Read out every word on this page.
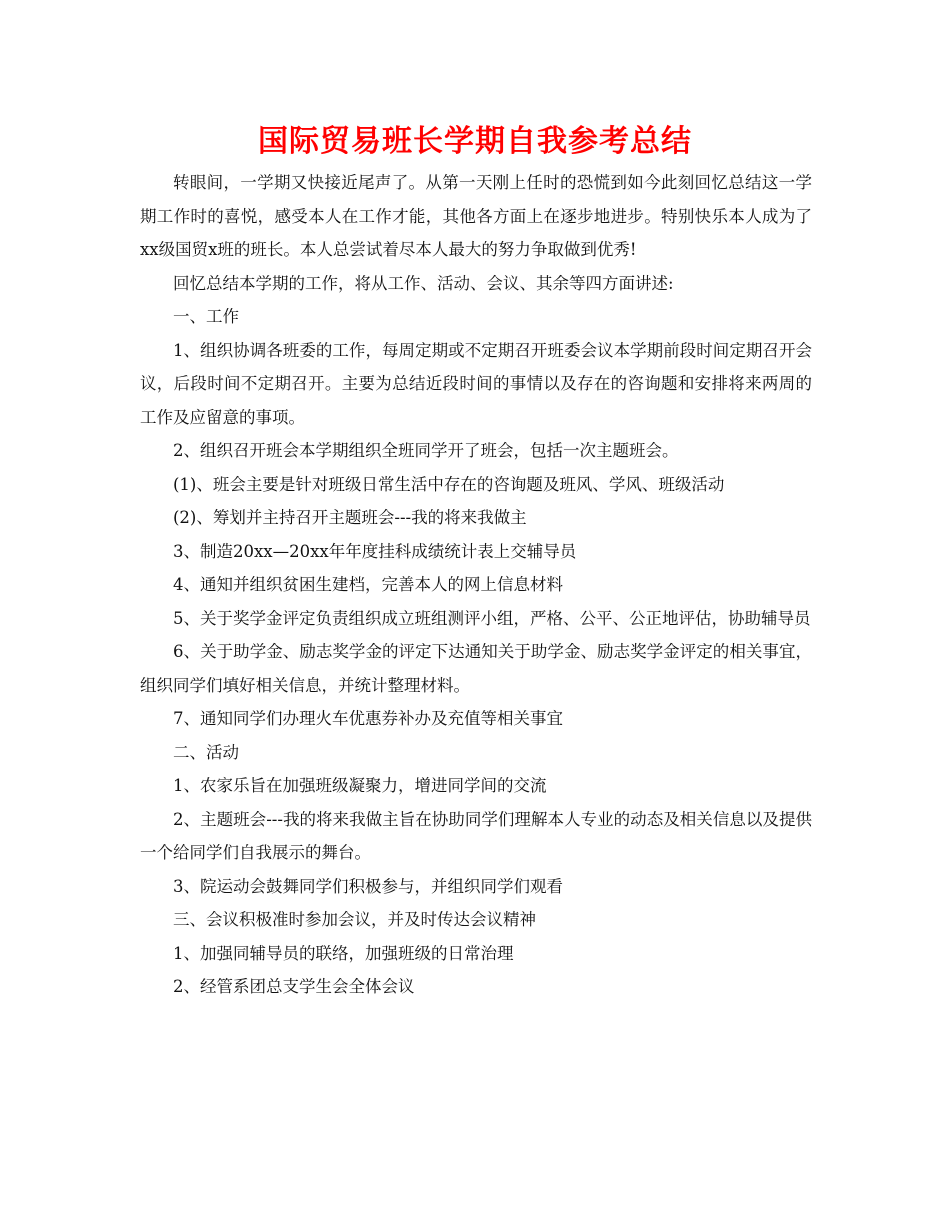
国际贸易班长学期自我参考总结

转眼间，一学期又快接近尾声了。从第一天刚上任时的恐慌到如今此刻回忆总结这一学期工作时的喜悦，感受本人在工作才能，其他各方面上在逐步地进步。特别快乐本人成为了xx级国贸x班的班长。本人总尝试着尽本人最大的努力争取做到优秀!

回忆总结本学期的工作，将从工作、活动、会议、其余等四方面讲述:

一、工作

1、组织协调各班委的工作，每周定期或不定期召开班委会议本学期前段时间定期召开会议，后段时间不定期召开。主要为总结近段时间的事情以及存在的咨询题和安排将来两周的工作及应留意的事项。

2、组织召开班会本学期组织全班同学开了班会，包括一次主题班会。

(1)、班会主要是针对班级日常生活中存在的咨询题及班风、学风、班级活动

(2)、筹划并主持召开主题班会---我的将来我做主

3、制造20xx—20xx年年度挂科成绩统计表上交辅导员

4、通知并组织贫困生建档，完善本人的网上信息材料

5、关于奖学金评定负责组织成立班组测评小组，严格、公平、公正地评估，协助辅导员

6、关于助学金、励志奖学金的评定下达通知关于助学金、励志奖学金评定的相关事宜，组织同学们填好相关信息，并统计整理材料。

7、通知同学们办理火车优惠券补办及充值等相关事宜

二、活动

1、农家乐旨在加强班级凝聚力，增进同学间的交流

2、主题班会---我的将来我做主旨在协助同学们理解本人专业的动态及相关信息以及提供一个给同学们自我展示的舞台。

3、院运动会鼓舞同学们积极参与，并组织同学们观看

三、会议积极准时参加会议，并及时传达会议精神

1、加强同辅导员的联络，加强班级的日常治理

2、经管系团总支学生会全体会议
